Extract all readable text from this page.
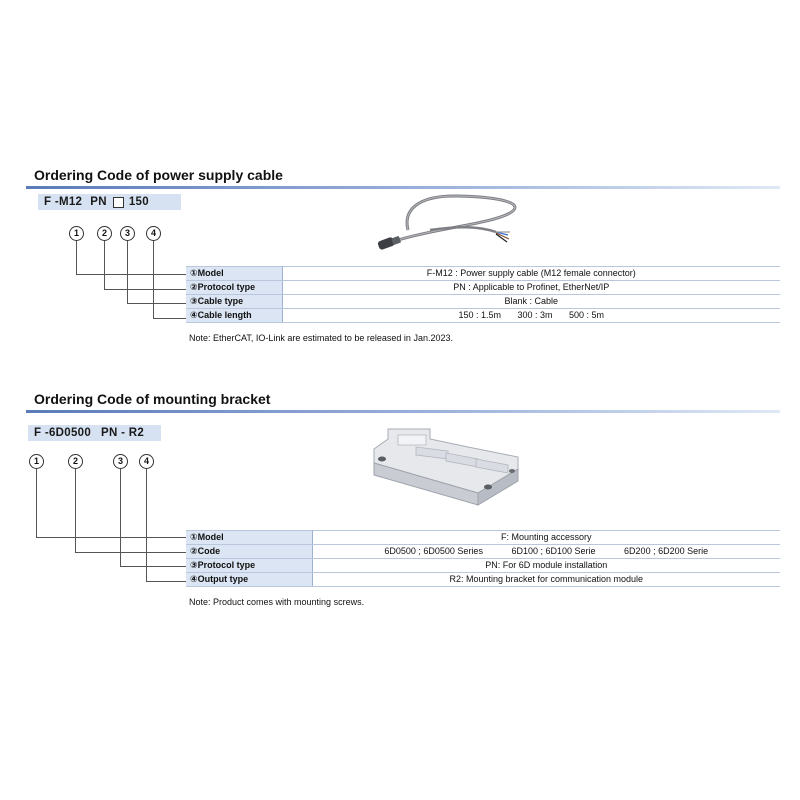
Ordering Code of power supply cable
F -M12 PN 150
1	2	3	4
①Model	F-M12 : Power supply cable (M12 female connector)
②Protocol type	PN : Applicable to Profinet, EtherNet/IP
③Cable type	Blank : Cable
④Cable length	150 : 1.5m 300 : 3m 500 : 5m
Note: EtherCAT, IO-Link are estimated to be released in Jan.2023.
Ordering Code of mounting bracket
F -6D0500 PN - R2
1	2	3	4
①Model	F: Mounting accessory
②Code	6D0500 ; 6D0500 Series 6D100 ; 6D100 Serie 6D200 ; 6D200 Serie
③Protocol type	PN: For 6D module installation
④Output type	R2: Mounting bracket for communication module
Note: Product comes with mounting screws.
